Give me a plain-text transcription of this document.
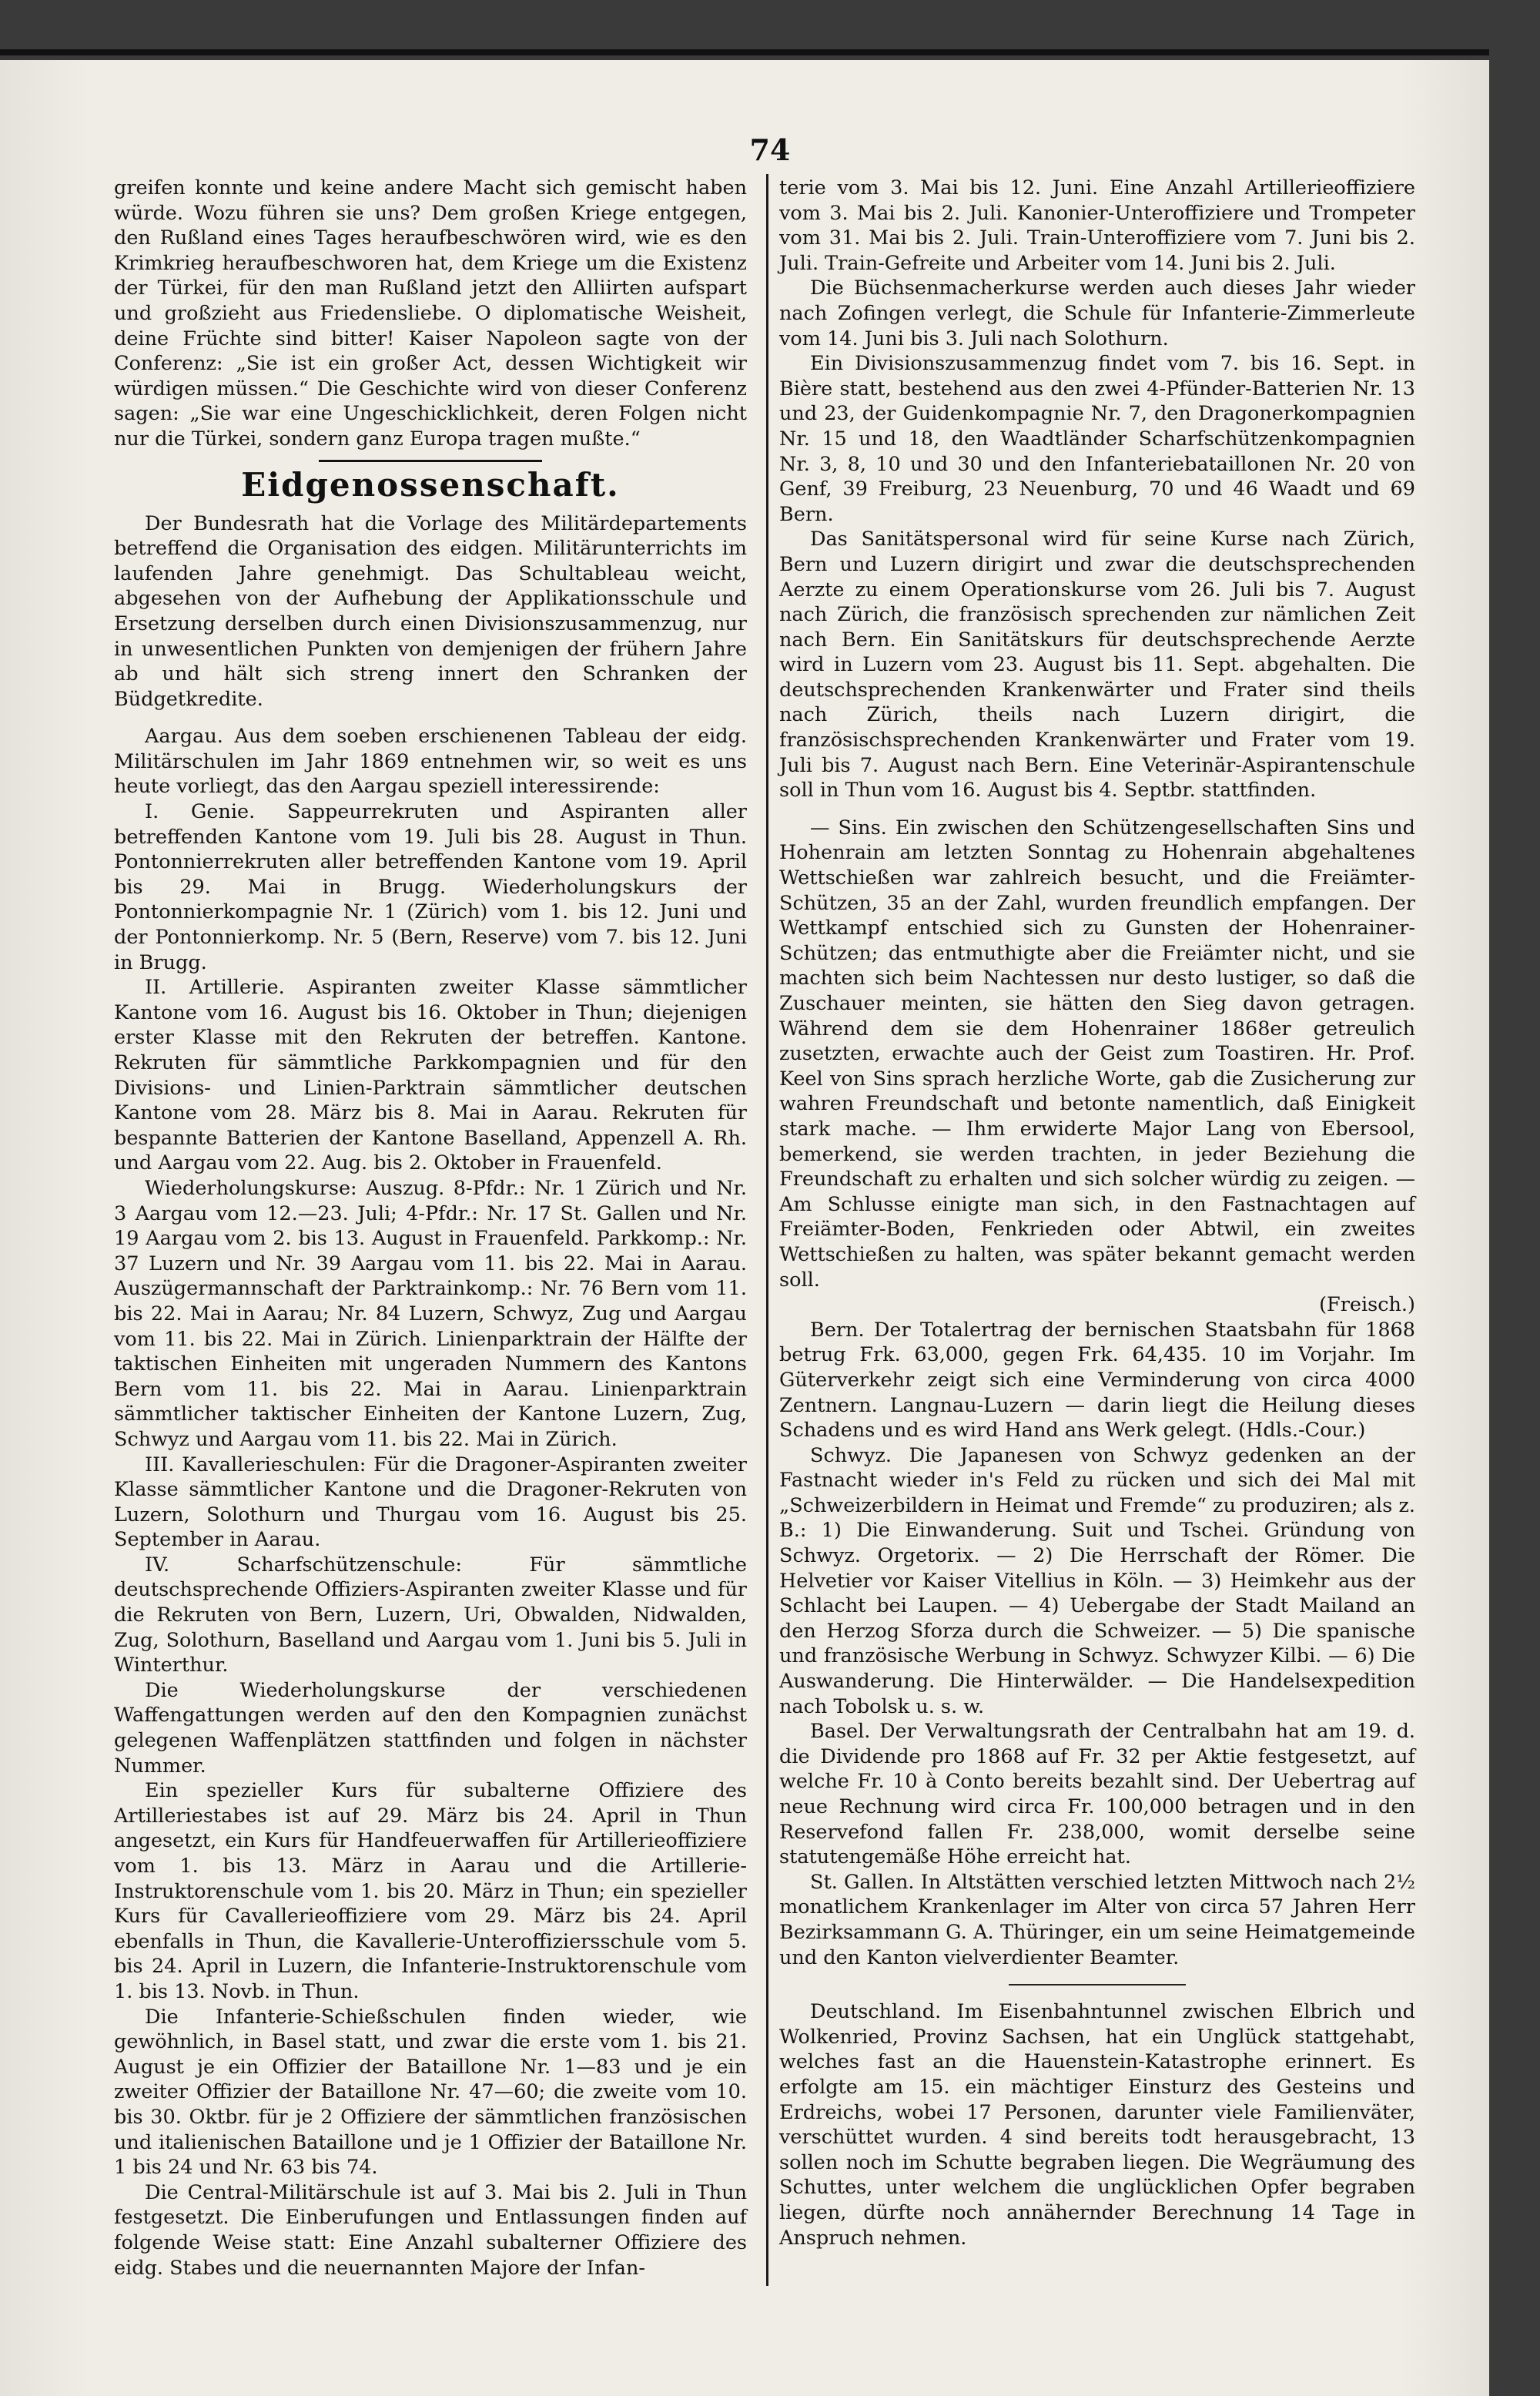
74

greifen konnte und keine andere Macht sich gemischt haben würde. Wozu führen sie uns? Dem großen Kriege entgegen, den Rußland eines Tages heraufbeschwören wird, wie es den Krimkrieg heraufbeschworen hat, dem Kriege um die Existenz der Türkei, für den man Rußland jetzt den Alliirten aufspart und großzieht aus Friedensliebe. O diplomatische Weisheit, deine Früchte sind bitter! Kaiser Napoleon sagte von der Conferenz: „Sie ist ein großer Act, dessen Wichtigkeit wir würdigen müssen.“ Die Geschichte wird von dieser Conferenz sagen: „Sie war eine Ungeschicklichkeit, deren Folgen nicht nur die Türkei, sondern ganz Europa tragen mußte.“

Eidgenossenschaft.

Der Bundesrath hat die Vorlage des Militärdepartements betreffend die Organisation des eidgen. Militärunterrichts im laufenden Jahre genehmigt. Das Schultableau weicht, abgesehen von der Aufhebung der Applikationsschule und Ersetzung derselben durch einen Divisionszusammenzug, nur in unwesentlichen Punkten von demjenigen der frühern Jahre ab und hält sich streng innert den Schranken der Büdgetkredite.

Aargau. Aus dem soeben erschienenen Tableau der eidg. Militärschulen im Jahr 1869 entnehmen wir, so weit es uns heute vorliegt, das den Aargau speziell interessirende:

I. Genie. Sappeurrekruten und Aspiranten aller betreffenden Kantone vom 19. Juli bis 28. August in Thun. Pontonnierrekruten aller betreffenden Kantone vom 19. April bis 29. Mai in Brugg. Wiederholungskurs der Pontonnierkompagnie Nr. 1 (Zürich) vom 1. bis 12. Juni und der Pontonnierkomp. Nr. 5 (Bern, Reserve) vom 7. bis 12. Juni in Brugg.

II. Artillerie. Aspiranten zweiter Klasse sämmtlicher Kantone vom 16. August bis 16. Oktober in Thun; diejenigen erster Klasse mit den Rekruten der betreffen. Kantone. Rekruten für sämmtliche Parkkompagnien und für den Divisions- und Linien-Parktrain sämmtlicher deutschen Kantone vom 28. März bis 8. Mai in Aarau. Rekruten für bespannte Batterien der Kantone Baselland, Appenzell A. Rh. und Aargau vom 22. Aug. bis 2. Oktober in Frauenfeld.

Wiederholungskurse: Auszug. 8-Pfdr.: Nr. 1 Zürich und Nr. 3 Aargau vom 12.—23. Juli; 4-Pfdr.: Nr. 17 St. Gallen und Nr. 19 Aargau vom 2. bis 13. August in Frauenfeld. Parkkomp.: Nr. 37 Luzern und Nr. 39 Aargau vom 11. bis 22. Mai in Aarau. Auszügermannschaft der Parktrainkomp.: Nr. 76 Bern vom 11. bis 22. Mai in Aarau; Nr. 84 Luzern, Schwyz, Zug und Aargau vom 11. bis 22. Mai in Zürich. Linienparktrain der Hälfte der taktischen Einheiten mit ungeraden Nummern des Kantons Bern vom 11. bis 22. Mai in Aarau. Linienparktrain sämmtlicher taktischer Einheiten der Kantone Luzern, Zug, Schwyz und Aargau vom 11. bis 22. Mai in Zürich.

III. Kavallerieschulen: Für die Dragoner-Aspiranten zweiter Klasse sämmtlicher Kantone und die Dragoner-Rekruten von Luzern, Solothurn und Thurgau vom 16. August bis 25. September in Aarau.

IV. Scharfschützenschule: Für sämmtliche deutschsprechende Offiziers-Aspiranten zweiter Klasse und für die Rekruten von Bern, Luzern, Uri, Obwalden, Nidwalden, Zug, Solothurn, Baselland und Aargau vom 1. Juni bis 5. Juli in Winterthur.

Die Wiederholungskurse der verschiedenen Waffengattungen werden auf den den Kompagnien zunächst gelegenen Waffenplätzen stattfinden und folgen in nächster Nummer.

Ein spezieller Kurs für subalterne Offiziere des Artilleriestabes ist auf 29. März bis 24. April in Thun angesetzt, ein Kurs für Handfeuerwaffen für Artillerieoffiziere vom 1. bis 13. März in Aarau und die Artillerie-Instruktorenschule vom 1. bis 20. März in Thun; ein spezieller Kurs für Cavallerieoffiziere vom 29. März bis 24. April ebenfalls in Thun, die Kavallerie-Unteroffiziersschule vom 5. bis 24. April in Luzern, die Infanterie-Instruktorenschule vom 1. bis 13. Novb. in Thun.

Die Infanterie-Schießschulen finden wieder, wie gewöhnlich, in Basel statt, und zwar die erste vom 1. bis 21. August je ein Offizier der Bataillone Nr. 1—83 und je ein zweiter Offizier der Bataillone Nr. 47—60; die zweite vom 10. bis 30. Oktbr. für je 2 Offiziere der sämmtlichen französischen und italienischen Bataillone und je 1 Offizier der Bataillone Nr. 1 bis 24 und Nr. 63 bis 74.

Die Central-Militärschule ist auf 3. Mai bis 2. Juli in Thun festgesetzt. Die Einberufungen und Entlassungen finden auf folgende Weise statt: Eine Anzahl subalterner Offiziere des eidg. Stabes und die neuernannten Majore der Infan-

terie vom 3. Mai bis 12. Juni. Eine Anzahl Artillerieoffiziere vom 3. Mai bis 2. Juli. Kanonier-Unteroffiziere und Trompeter vom 31. Mai bis 2. Juli. Train-Unteroffiziere vom 7. Juni bis 2. Juli. Train-Gefreite und Arbeiter vom 14. Juni bis 2. Juli.

Die Büchsenmacherkurse werden auch dieses Jahr wieder nach Zofingen verlegt, die Schule für Infanterie-Zimmerleute vom 14. Juni bis 3. Juli nach Solothurn.

Ein Divisionszusammenzug findet vom 7. bis 16. Sept. in Bière statt, bestehend aus den zwei 4-Pfünder-Batterien Nr. 13 und 23, der Guidenkompagnie Nr. 7, den Dragonerkompagnien Nr. 15 und 18, den Waadtländer Scharfschützenkompagnien Nr. 3, 8, 10 und 30 und den Infanteriebataillonen Nr. 20 von Genf, 39 Freiburg, 23 Neuenburg, 70 und 46 Waadt und 69 Bern.

Das Sanitätspersonal wird für seine Kurse nach Zürich, Bern und Luzern dirigirt und zwar die deutschsprechenden Aerzte zu einem Operationskurse vom 26. Juli bis 7. August nach Zürich, die französisch sprechenden zur nämlichen Zeit nach Bern. Ein Sanitätskurs für deutschsprechende Aerzte wird in Luzern vom 23. August bis 11. Sept. abgehalten. Die deutschsprechenden Krankenwärter und Frater sind theils nach Zürich, theils nach Luzern dirigirt, die französischsprechenden Krankenwärter und Frater vom 19. Juli bis 7. August nach Bern. Eine Veterinär-Aspirantenschule soll in Thun vom 16. August bis 4. Septbr. stattfinden.

— Sins. Ein zwischen den Schützengesellschaften Sins und Hohenrain am letzten Sonntag zu Hohenrain abgehaltenes Wettschießen war zahlreich besucht, und die Freiämter-Schützen, 35 an der Zahl, wurden freundlich empfangen. Der Wettkampf entschied sich zu Gunsten der Hohenrainer-Schützen; das entmuthigte aber die Freiämter nicht, und sie machten sich beim Nachtessen nur desto lustiger, so daß die Zuschauer meinten, sie hätten den Sieg davon getragen. Während dem sie dem Hohenrainer 1868er getreulich zusetzten, erwachte auch der Geist zum Toastiren. Hr. Prof. Keel von Sins sprach herzliche Worte, gab die Zusicherung zur wahren Freundschaft und betonte namentlich, daß Einigkeit stark mache. — Ihm erwiderte Major Lang von Ebersool, bemerkend, sie werden trachten, in jeder Beziehung die Freundschaft zu erhalten und sich solcher würdig zu zeigen. — Am Schlusse einigte man sich, in den Fastnachtagen auf Freiämter-Boden, Fenkrieden oder Abtwil, ein zweites Wettschießen zu halten, was später bekannt gemacht werden soll.

(Freisch.)

Bern. Der Totalertrag der bernischen Staatsbahn für 1868 betrug Frk. 63,000, gegen Frk. 64,435. 10 im Vorjahr. Im Güterverkehr zeigt sich eine Verminderung von circa 4000 Zentnern. Langnau-Luzern — darin liegt die Heilung dieses Schadens und es wird Hand ans Werk gelegt. (Hdls.-Cour.)

Schwyz. Die Japanesen von Schwyz gedenken an der Fastnacht wieder in's Feld zu rücken und sich dei Mal mit „Schweizerbildern in Heimat und Fremde“ zu produziren; als z. B.: 1) Die Einwanderung. Suit und Tschei. Gründung von Schwyz. Orgetorix. — 2) Die Herrschaft der Römer. Die Helvetier vor Kaiser Vitellius in Köln. — 3) Heimkehr aus der Schlacht bei Laupen. — 4) Uebergabe der Stadt Mailand an den Herzog Sforza durch die Schweizer. — 5) Die spanische und französische Werbung in Schwyz. Schwyzer Kilbi. — 6) Die Auswanderung. Die Hinterwälder. — Die Handelsexpedition nach Tobolsk u. s. w.

Basel. Der Verwaltungsrath der Centralbahn hat am 19. d. die Dividende pro 1868 auf Fr. 32 per Aktie festgesetzt, auf welche Fr. 10 à Conto bereits bezahlt sind. Der Uebertrag auf neue Rechnung wird circa Fr. 100,000 betragen und in den Reservefond fallen Fr. 238,000, womit derselbe seine statutengemäße Höhe erreicht hat.

St. Gallen. In Altstätten verschied letzten Mittwoch nach 2½ monatlichem Krankenlager im Alter von circa 57 Jahren Herr Bezirksammann G. A. Thüringer, ein um seine Heimatgemeinde und den Kanton vielverdienter Beamter.

Deutschland. Im Eisenbahntunnel zwischen Elbrich und Wolkenried, Provinz Sachsen, hat ein Unglück stattgehabt, welches fast an die Hauenstein-Katastrophe erinnert. Es erfolgte am 15. ein mächtiger Einsturz des Gesteins und Erdreichs, wobei 17 Personen, darunter viele Familienväter, verschüttet wurden. 4 sind bereits todt herausgebracht, 13 sollen noch im Schutte begraben liegen. Die Wegräumung des Schuttes, unter welchem die unglücklichen Opfer begraben liegen, dürfte noch annähernder Berechnung 14 Tage in Anspruch nehmen.
